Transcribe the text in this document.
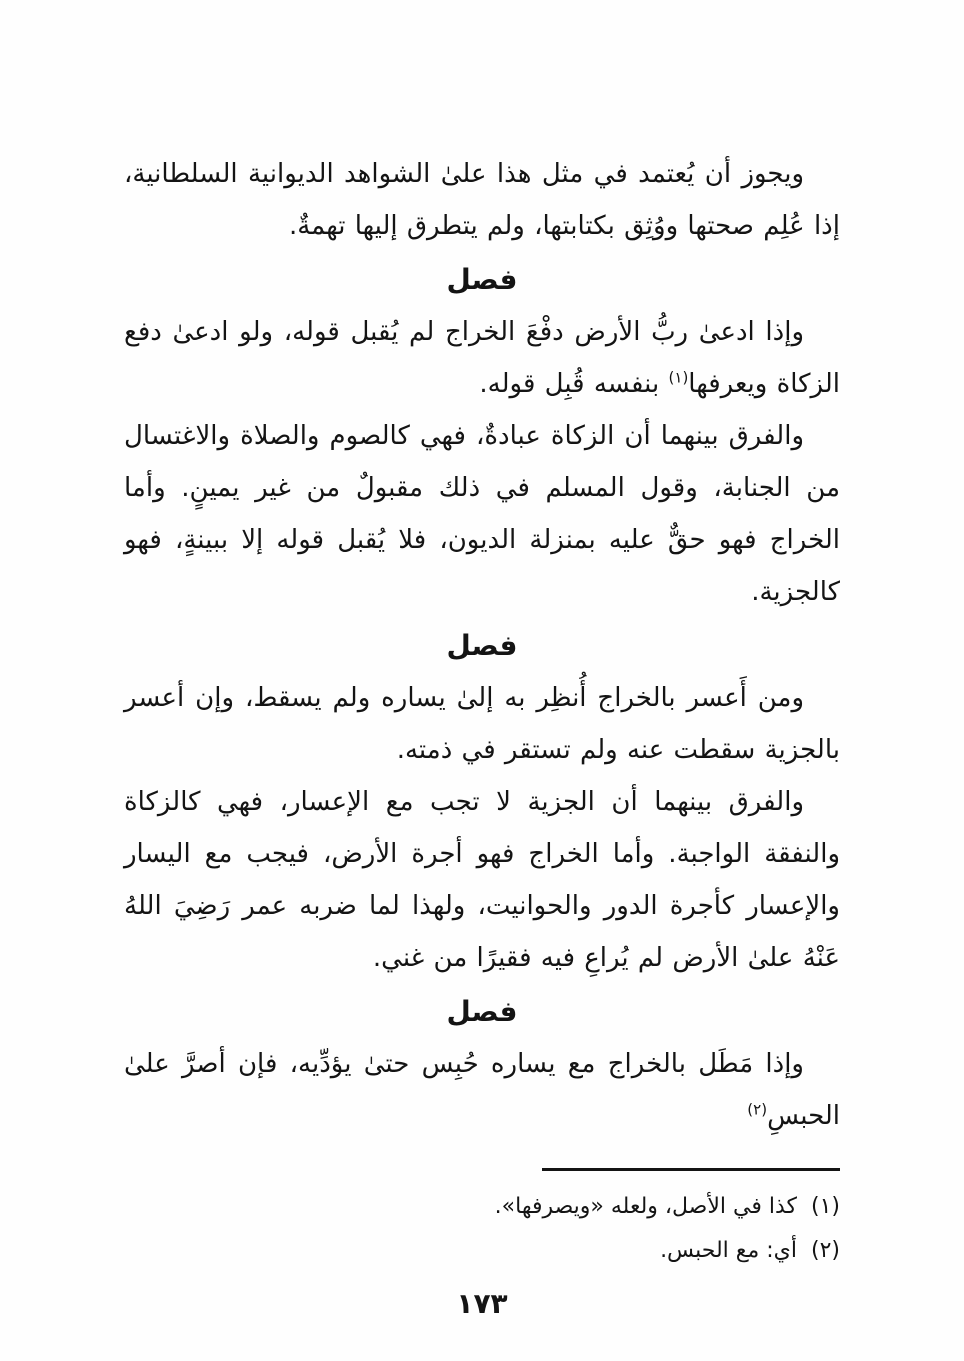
ويجوز أن يُعتمد في مثل هذا علىٰ الشواهد الديوانية السلطانية، إذا عُلِم صحتها ووُثِق بكتابتها، ولم يتطرق إليها تهمةٌ.

فصل

وإذا ادعىٰ ربُّ الأرض دفْعَ الخراج لم يُقبل قوله، ولو ادعىٰ دفع الزكاة ويعرفها$^{(١)}$ بنفسه قُبِل قوله.

والفرق بينهما أن الزكاة عبادةٌ، فهي كالصوم والصلاة والاغتسال من الجنابة، وقول المسلم في ذلك مقبولٌ من غير يمينٍ. وأما الخراج فهو حقٌّ عليه بمنزلة الديون، فلا يُقبل قوله إلا ببينةٍ، فهو كالجزية.

فصل

ومن أَعسر بالخراج أُنظِر به إلىٰ يساره ولم يسقط، وإن أعسر بالجزية سقطت عنه ولم تستقر في ذمته.

والفرق بينهما أن الجزية لا تجب مع الإعسار، فهي كالزكاة والنفقة الواجبة. وأما الخراج فهو أجرة الأرض، فيجب مع اليسار والإعسار كأجرة الدور والحوانيت، ولهذا لما ضربه عمر رَضِيَ اللهُ عَنْهُ علىٰ الأرض لم يُراعِ فيه فقيرًا من غني.

فصل

وإذا مَطَل بالخراج مع يساره حُبِس حتىٰ يؤدِّيه، فإن أصرَّ علىٰ الحبسِ$^{(٢)}$

(١)كذا في الأصل، ولعله «ويصرفها».

(٢)أي: مع الحبس.

١٧٣
